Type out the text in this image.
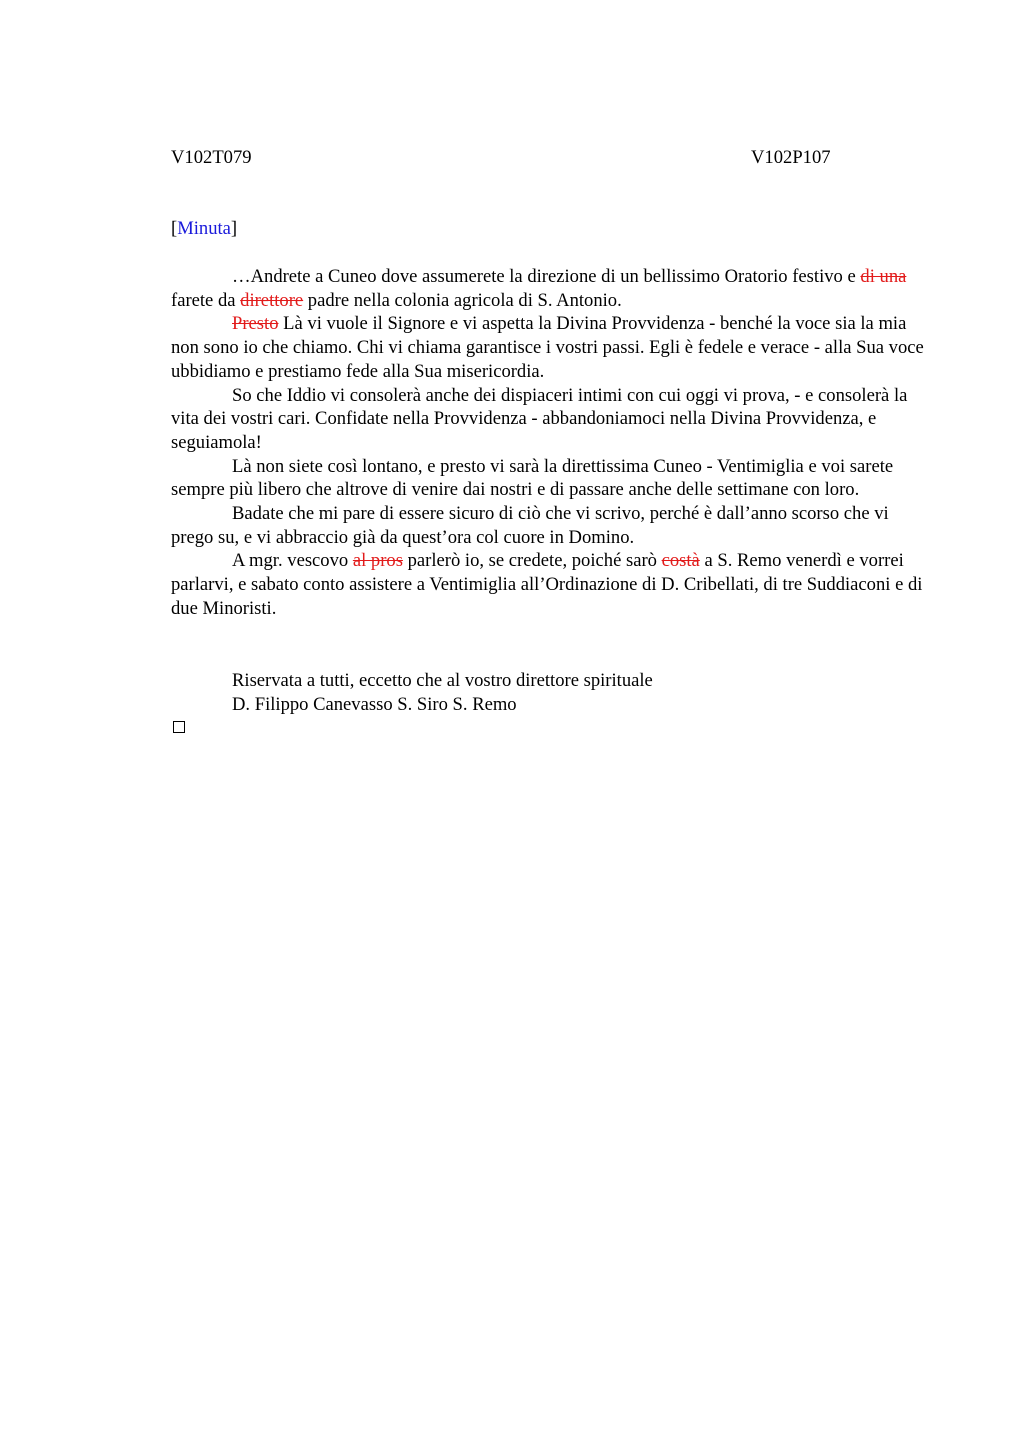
V102T079	V102P107
[Minuta]

…Andrete a Cuneo dove assumerete la direzione di un bellissimo Oratorio festivo e di una farete da direttore padre nella colonia agricola di S. Antonio.

Presto Là vi vuole il Signore e vi aspetta la Divina Provvidenza - benché la voce sia la mia non sono io che chiamo. Chi vi chiama garantisce i vostri passi. Egli è fedele e verace - alla Sua voce ubbidiamo e prestiamo fede alla Sua misericordia.

So che Iddio vi consolerà anche dei dispiaceri intimi con cui oggi vi prova, - e consolerà la vita dei vostri cari. Confidate nella Provvidenza - abbandoniamoci nella Divina Provvidenza, e seguiamola!

Là non siete così lontano, e presto vi sarà la direttissima Cuneo - Ventimiglia e voi sarete sempre più libero che altrove di venire dai nostri e di passare anche delle settimane con loro.

Badate che mi pare di essere sicuro di ciò che vi scrivo, perché è dall’anno scorso che vi prego su, e vi abbraccio già da quest’ora col cuore in Domino.

A mgr. vescovo al pros parlerò io, se credete, poiché sarò costà a S. Remo venerdì e vorrei parlarvi, e sabato conto assistere a Ventimiglia all’Ordinazione di D. Cribellati, di tre Suddiaconi e di due Minoristi.

Riservata a tutti, eccetto che al vostro direttore spirituale
D. Filippo Canevasso S. Siro S. Remo
